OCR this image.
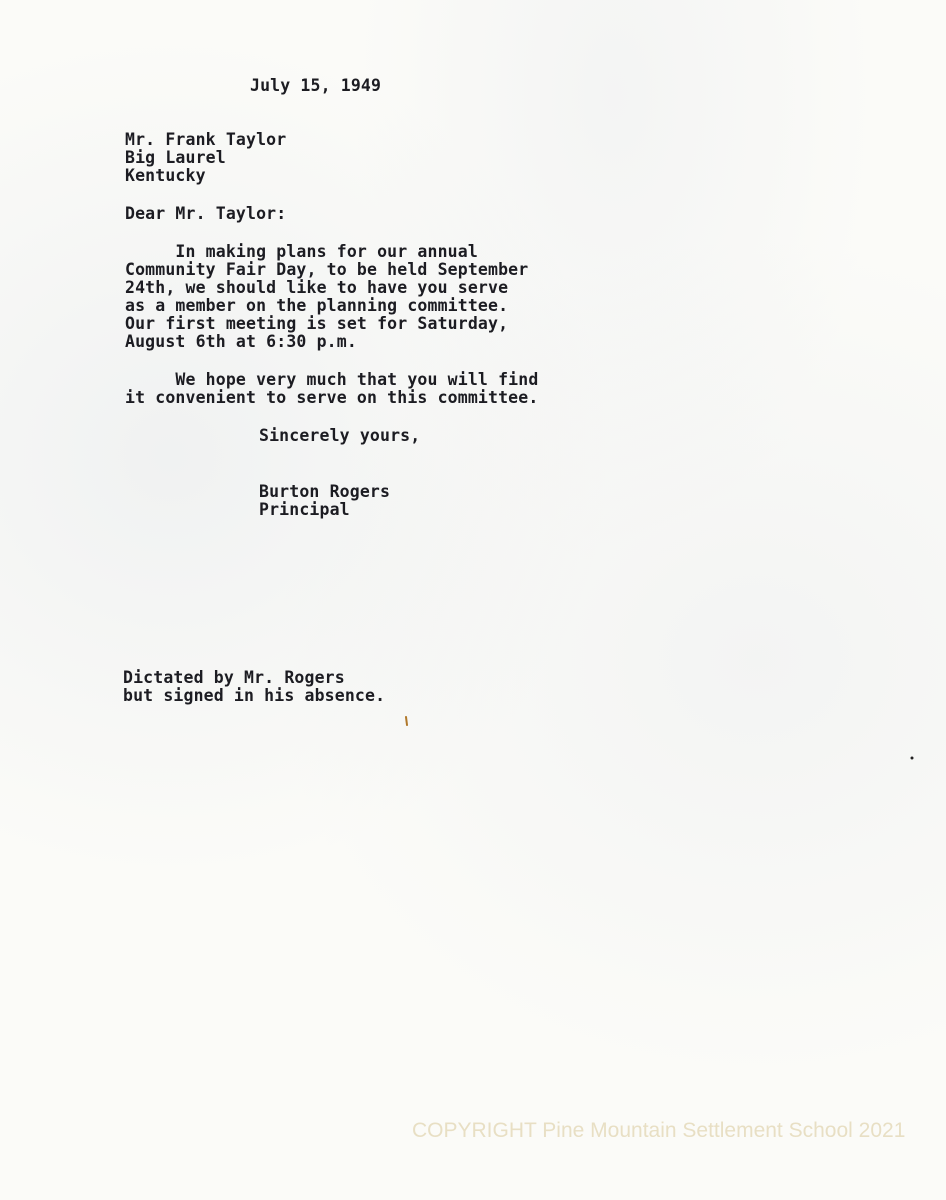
July 15, 1949
Mr. Frank Taylor
Big Laurel
Kentucky
Dear Mr. Taylor:
In making plans for our annual
Community Fair Day, to be held September
24th, we should like to have you serve
as a member on the planning committee.
Our first meeting is set for Saturday,
August 6th at 6:30 p.m.
We hope very much that you will find
it convenient to serve on this committee.
Sincerely yours,
Burton Rogers
Principal
Dictated by Mr. Rogers
but signed in his absence.
COPYRIGHT Pine Mountain Settlement School 2021
